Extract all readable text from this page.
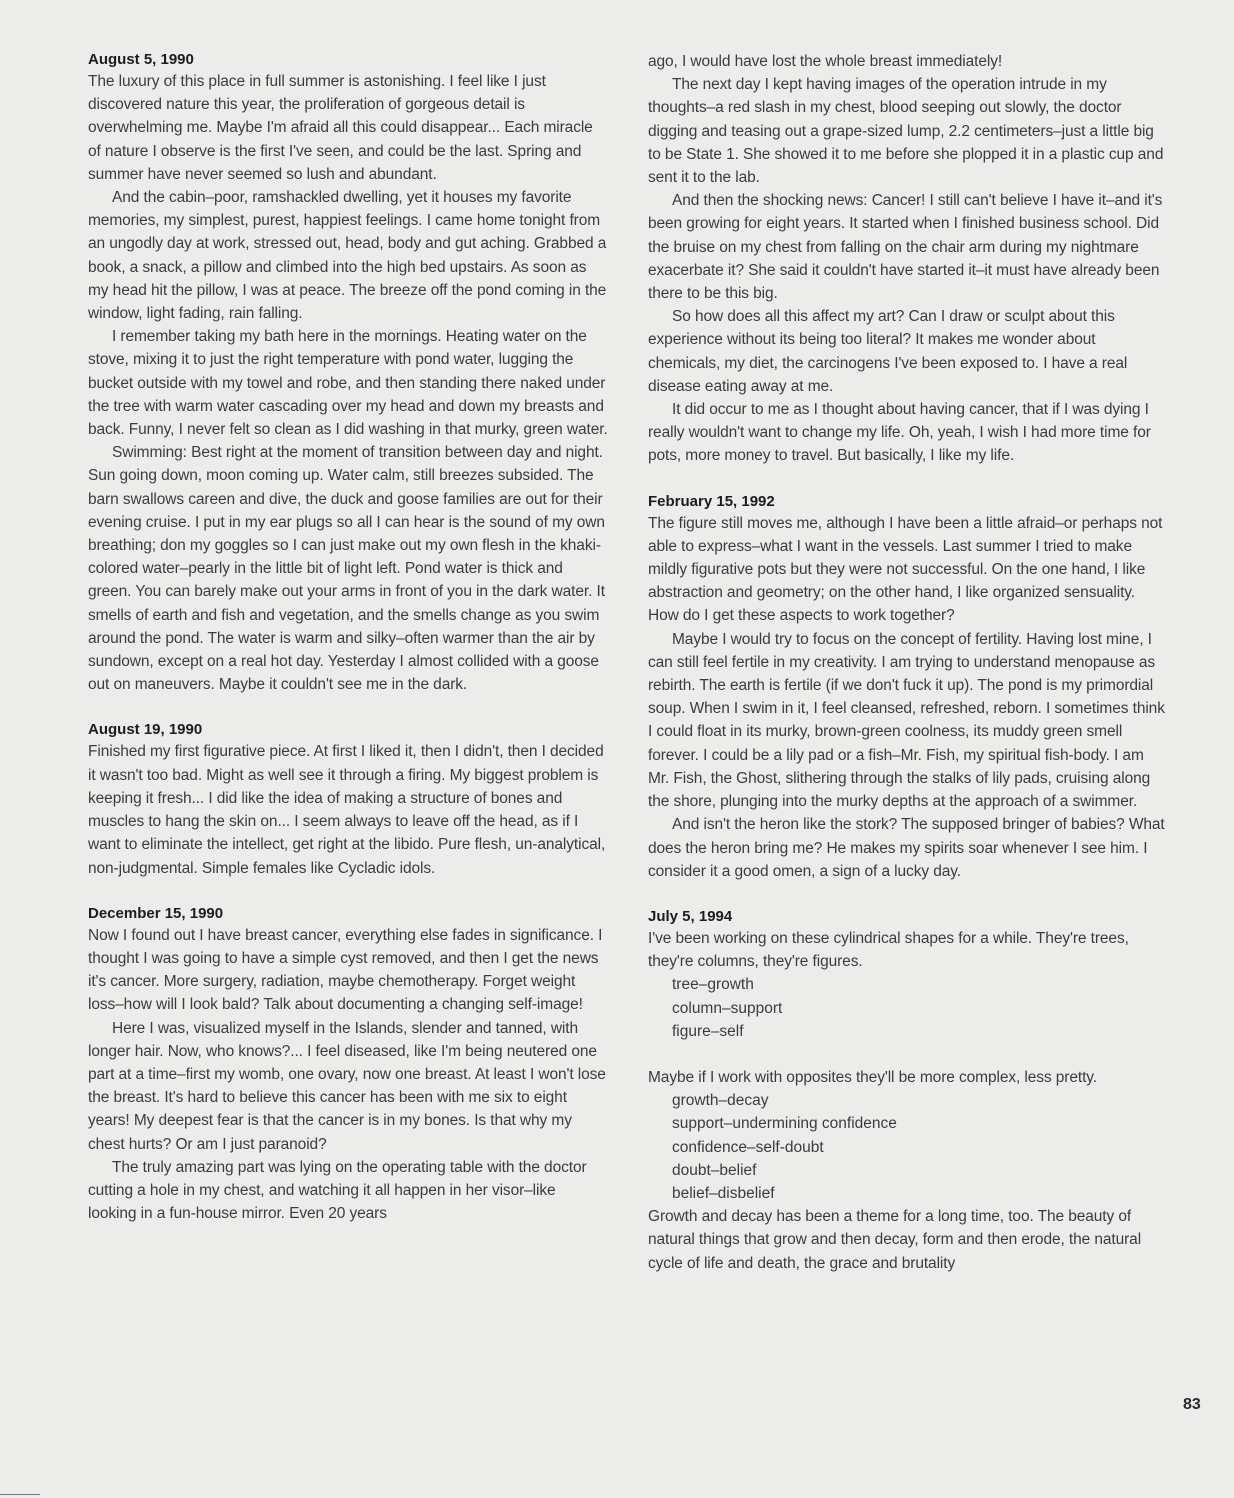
August 5, 1990

The luxury of this place in full summer is astonishing. I feel like I just discovered nature this year, the proliferation of gorgeous detail is overwhelming me. Maybe I'm afraid all this could disappear... Each miracle of nature I observe is the first I've seen, and could be the last. Spring and summer have never seemed so lush and abundant.

And the cabin–poor, ramshackled dwelling, yet it houses my favorite memories, my simplest, purest, happiest feelings. I came home tonight from an ungodly day at work, stressed out, head, body and gut aching. Grabbed a book, a snack, a pillow and climbed into the high bed upstairs. As soon as my head hit the pillow, I was at peace. The breeze off the pond coming in the window, light fading, rain falling.

I remember taking my bath here in the mornings. Heating water on the stove, mixing it to just the right temperature with pond water, lugging the bucket outside with my towel and robe, and then standing there naked under the tree with warm water cascading over my head and down my breasts and back. Funny, I never felt so clean as I did washing in that murky, green water.

Swimming: Best right at the moment of transition between day and night. Sun going down, moon coming up. Water calm, still breezes subsided. The barn swallows careen and dive, the duck and goose families are out for their evening cruise. I put in my ear plugs so all I can hear is the sound of my own breathing; don my goggles so I can just make out my own flesh in the khaki-colored water–pearly in the little bit of light left. Pond water is thick and green. You can barely make out your arms in front of you in the dark water. It smells of earth and fish and vegetation, and the smells change as you swim around the pond. The water is warm and silky–often warmer than the air by sundown, except on a real hot day. Yesterday I almost collided with a goose out on maneuvers. Maybe it couldn't see me in the dark.

August 19, 1990

Finished my first figurative piece. At first I liked it, then I didn't, then I decided it wasn't too bad. Might as well see it through a firing. My biggest problem is keeping it fresh... I did like the idea of making a structure of bones and muscles to hang the skin on... I seem always to leave off the head, as if I want to eliminate the intellect, get right at the libido. Pure flesh, un-analytical, non-judgmental. Simple females like Cycladic idols.

December 15, 1990

Now I found out I have breast cancer, everything else fades in significance. I thought I was going to have a simple cyst removed, and then I get the news it's cancer. More surgery, radiation, maybe chemotherapy. Forget weight loss–how will I look bald? Talk about documenting a changing self-image!

Here I was, visualized myself in the Islands, slender and tanned, with longer hair. Now, who knows?... I feel diseased, like I'm being neutered one part at a time–first my womb, one ovary, now one breast. At least I won't lose the breast. It's hard to believe this cancer has been with me six to eight years! My deepest fear is that the cancer is in my bones. Is that why my chest hurts? Or am I just paranoid?

The truly amazing part was lying on the operating table with the doctor cutting a hole in my chest, and watching it all happen in her visor–like looking in a fun-house mirror. Even 20 years

ago, I would have lost the whole breast immediately!

The next day I kept having images of the operation intrude in my thoughts–a red slash in my chest, blood seeping out slowly, the doctor digging and teasing out a grape-sized lump, 2.2 centimeters–just a little big to be State 1. She showed it to me before she plopped it in a plastic cup and sent it to the lab.

And then the shocking news: Cancer! I still can't believe I have it–and it's been growing for eight years. It started when I finished business school. Did the bruise on my chest from falling on the chair arm during my nightmare exacerbate it? She said it couldn't have started it–it must have already been there to be this big.

So how does all this affect my art? Can I draw or sculpt about this experience without its being too literal? It makes me wonder about chemicals, my diet, the carcinogens I've been exposed to. I have a real disease eating away at me.

It did occur to me as I thought about having cancer, that if I was dying I really wouldn't want to change my life. Oh, yeah, I wish I had more time for pots, more money to travel. But basically, I like my life.

February 15, 1992

The figure still moves me, although I have been a little afraid–or perhaps not able to express–what I want in the vessels. Last summer I tried to make mildly figurative pots but they were not successful. On the one hand, I like abstraction and geometry; on the other hand, I like organized sensuality. How do I get these aspects to work together?

Maybe I would try to focus on the concept of fertility. Having lost mine, I can still feel fertile in my creativity. I am trying to understand menopause as rebirth. The earth is fertile (if we don't fuck it up). The pond is my primordial soup. When I swim in it, I feel cleansed, refreshed, reborn. I sometimes think I could float in its murky, brown-green coolness, its muddy green smell forever. I could be a lily pad or a fish–Mr. Fish, my spiritual fish-body. I am Mr. Fish, the Ghost, slithering through the stalks of lily pads, cruising along the shore, plunging into the murky depths at the approach of a swimmer.

And isn't the heron like the stork? The supposed bringer of babies? What does the heron bring me? He makes my spirits soar whenever I see him. I consider it a good omen, a sign of a lucky day.

July 5, 1994

I've been working on these cylindrical shapes for a while. They're trees, they're columns, they're figures.

tree–growth

column–support

figure–self

Maybe if I work with opposites they'll be more complex, less pretty.

growth–decay

support–undermining confidence

confidence–self-doubt

doubt–belief

belief–disbelief

Growth and decay has been a theme for a long time, too. The beauty of natural things that grow and then decay, form and then erode, the natural cycle of life and death, the grace and brutality

83
